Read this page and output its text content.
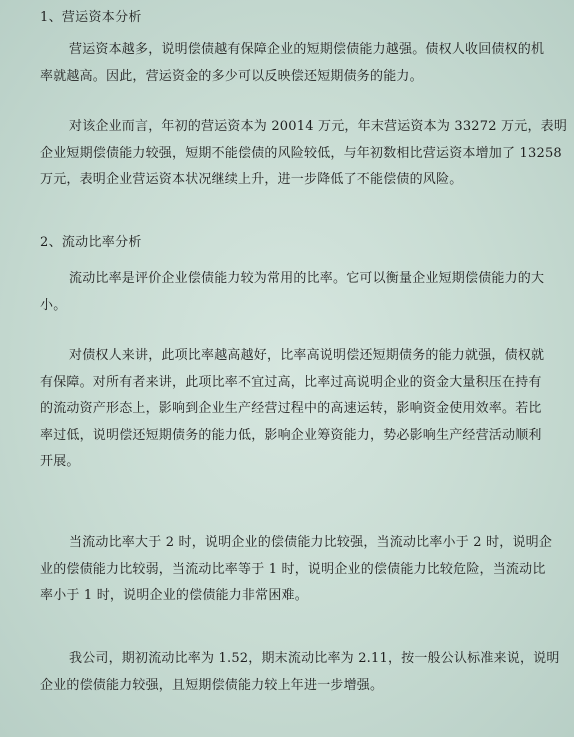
1、营运资本分析
营运资本越多，说明偿债越有保障企业的短期偿债能力越强。债权人收回债权的机
率就越高。因此，营运资金的多少可以反映偿还短期债务的能力。
对该企业而言，年初的营运资本为 20014 万元，年末营运资本为 33272 万元，表明
企业短期偿债能力较强，短期不能偿债的风险较低，与年初数相比营运资本增加了 13258
万元，表明企业营运资本状况继续上升，进一步降低了不能偿债的风险。
2、流动比率分析
流动比率是评价企业偿债能力较为常用的比率。它可以衡量企业短期偿债能力的大
小。
对债权人来讲，此项比率越高越好，比率高说明偿还短期债务的能力就强，债权就
有保障。对所有者来讲，此项比率不宜过高，比率过高说明企业的资金大量积压在持有
的流动资产形态上，影响到企业生产经营过程中的高速运转，影响资金使用效率。若比
率过低，说明偿还短期债务的能力低，影响企业筹资能力，势必影响生产经营活动顺利
开展。
当流动比率大于 2 时，说明企业的偿债能力比较强，当流动比率小于 2 时，说明企
业的偿债能力比较弱，当流动比率等于 1 时，说明企业的偿债能力比较危险，当流动比
率小于 1 时，说明企业的偿债能力非常困难。
我公司，期初流动比率为 1.52，期末流动比率为 2.11，按一般公认标准来说，说明
企业的偿债能力较强，且短期偿债能力较上年进一步增强。
